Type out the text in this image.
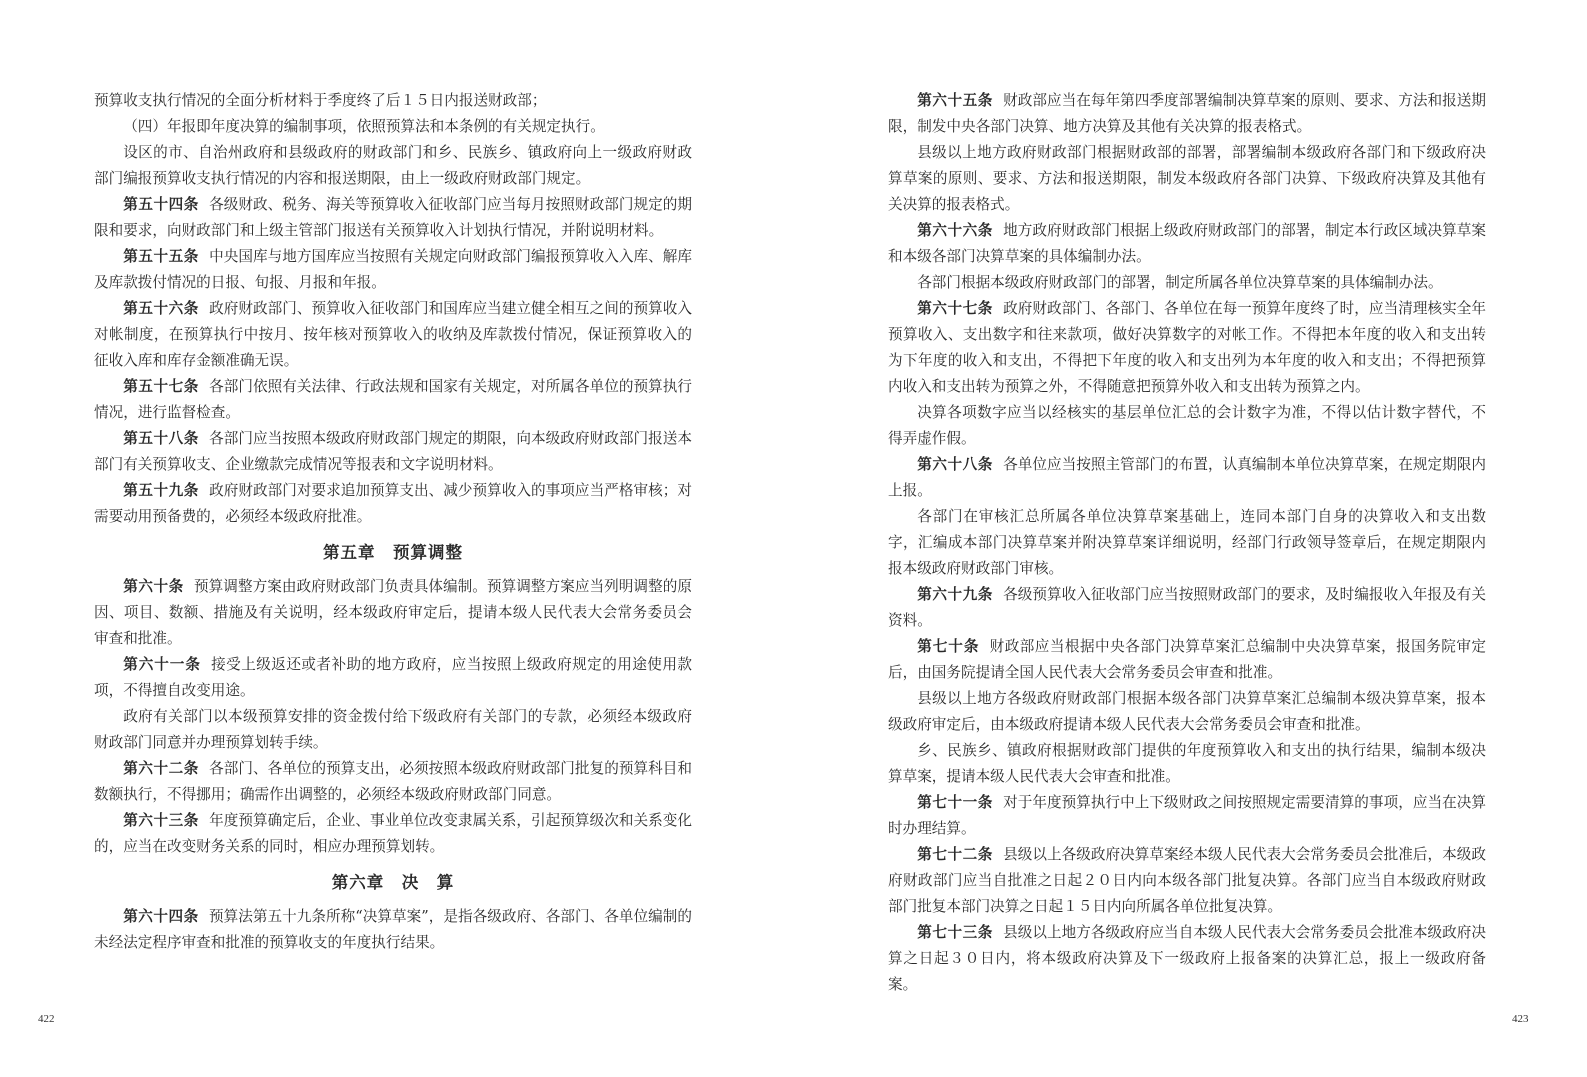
预算收支执行情况的全面分析材料于季度终了后１５日内报送财政部；

（四）年报即年度决算的编制事项，依照预算法和本条例的有关规定执行。

设区的市、自治州政府和县级政府的财政部门和乡、民族乡、镇政府向上一级政府财政部门编报预算收支执行情况的内容和报送期限，由上一级政府财政部门规定。

第五十四条 各级财政、税务、海关等预算收入征收部门应当每月按照财政部门规定的期限和要求，向财政部门和上级主管部门报送有关预算收入计划执行情况，并附说明材料。

第五十五条 中央国库与地方国库应当按照有关规定向财政部门编报预算收入入库、解库及库款拨付情况的日报、旬报、月报和年报。

第五十六条 政府财政部门、预算收入征收部门和国库应当建立健全相互之间的预算收入对帐制度，在预算执行中按月、按年核对预算收入的收纳及库款拨付情况，保证预算收入的征收入库和库存金额准确无误。

第五十七条 各部门依照有关法律、行政法规和国家有关规定，对所属各单位的预算执行情况，进行监督检查。

第五十八条 各部门应当按照本级政府财政部门规定的期限，向本级政府财政部门报送本部门有关预算收支、企业缴款完成情况等报表和文字说明材料。

第五十九条 政府财政部门对要求追加预算支出、减少预算收入的事项应当严格审核；对需要动用预备费的，必须经本级政府批准。

第五章　预算调整

第六十条 预算调整方案由政府财政部门负责具体编制。预算调整方案应当列明调整的原因、项目、数额、措施及有关说明，经本级政府审定后，提请本级人民代表大会常务委员会审查和批准。

第六十一条 接受上级返还或者补助的地方政府，应当按照上级政府规定的用途使用款项，不得擅自改变用途。

政府有关部门以本级预算安排的资金拨付给下级政府有关部门的专款，必须经本级政府财政部门同意并办理预算划转手续。

第六十二条 各部门、各单位的预算支出，必须按照本级政府财政部门批复的预算科目和数额执行，不得挪用；确需作出调整的，必须经本级政府财政部门同意。

第六十三条 年度预算确定后，企业、事业单位改变隶属关系，引起预算级次和关系变化的，应当在改变财务关系的同时，相应办理预算划转。

第六章　决　算

第六十四条 预算法第五十九条所称“决算草案”，是指各级政府、各部门、各单位编制的未经法定程序审查和批准的预算收支的年度执行结果。

第六十五条 财政部应当在每年第四季度部署编制决算草案的原则、要求、方法和报送期限，制发中央各部门决算、地方决算及其他有关决算的报表格式。

县级以上地方政府财政部门根据财政部的部署，部署编制本级政府各部门和下级政府决算草案的原则、要求、方法和报送期限，制发本级政府各部门决算、下级政府决算及其他有关决算的报表格式。

第六十六条 地方政府财政部门根据上级政府财政部门的部署，制定本行政区域决算草案和本级各部门决算草案的具体编制办法。

各部门根据本级政府财政部门的部署，制定所属各单位决算草案的具体编制办法。

第六十七条 政府财政部门、各部门、各单位在每一预算年度终了时，应当清理核实全年预算收入、支出数字和往来款项，做好决算数字的对帐工作。不得把本年度的收入和支出转为下年度的收入和支出，不得把下年度的收入和支出列为本年度的收入和支出；不得把预算内收入和支出转为预算之外，不得随意把预算外收入和支出转为预算之内。

决算各项数字应当以经核实的基层单位汇总的会计数字为准，不得以估计数字替代，不得弄虚作假。

第六十八条 各单位应当按照主管部门的布置，认真编制本单位决算草案，在规定期限内上报。

各部门在审核汇总所属各单位决算草案基础上，连同本部门自身的决算收入和支出数字，汇编成本部门决算草案并附决算草案详细说明，经部门行政领导签章后，在规定期限内报本级政府财政部门审核。

第六十九条 各级预算收入征收部门应当按照财政部门的要求，及时编报收入年报及有关资料。

第七十条 财政部应当根据中央各部门决算草案汇总编制中央决算草案，报国务院审定后，由国务院提请全国人民代表大会常务委员会审查和批准。

县级以上地方各级政府财政部门根据本级各部门决算草案汇总编制本级决算草案，报本级政府审定后，由本级政府提请本级人民代表大会常务委员会审查和批准。

乡、民族乡、镇政府根据财政部门提供的年度预算收入和支出的执行结果，编制本级决算草案，提请本级人民代表大会审查和批准。

第七十一条 对于年度预算执行中上下级财政之间按照规定需要清算的事项，应当在决算时办理结算。

第七十二条 县级以上各级政府决算草案经本级人民代表大会常务委员会批准后，本级政府财政部门应当自批准之日起２０日内向本级各部门批复决算。各部门应当自本级政府财政部门批复本部门决算之日起１５日内向所属各单位批复决算。

第七十三条 县级以上地方各级政府应当自本级人民代表大会常务委员会批准本级政府决算之日起３０日内，将本级政府决算及下一级政府上报备案的决算汇总，报上一级政府备案。

422	423
